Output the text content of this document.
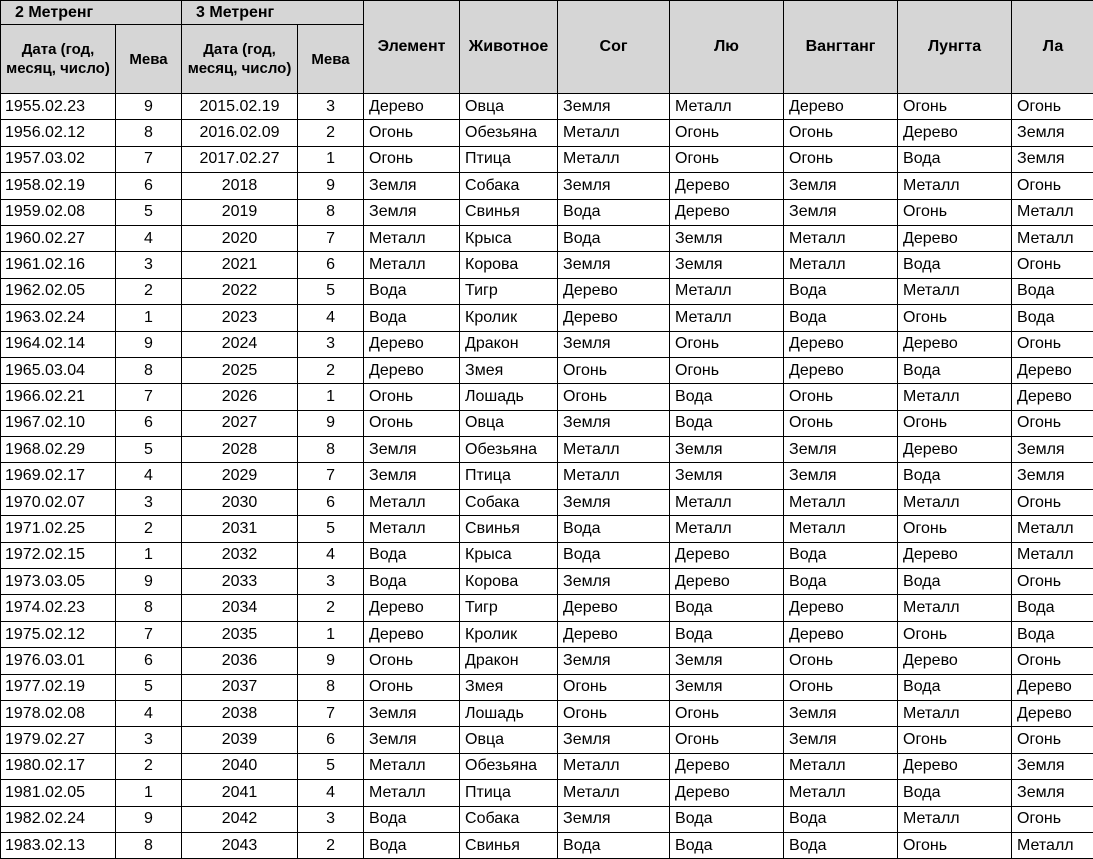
2 Метренг		3 Метренг		Элемент	Животное	Сог	Лю	Вангтанг	Лунгта	Ла
Дата (год, месяц, число)	Мева	Дата (год, месяц, число)	Мева							
1955.02.23	9	2015.02.19	3	Дерево	Овца	Земля	Металл	Дерево	Огонь	Огонь
1956.02.12	8	2016.02.09	2	Огонь	Обезьяна	Металл	Огонь	Огонь	Дерево	Земля
1957.03.02	7	2017.02.27	1	Огонь	Птица	Металл	Огонь	Огонь	Вода	Земля
1958.02.19	6	2018	9	Земля	Собака	Земля	Дерево	Земля	Металл	Огонь
1959.02.08	5	2019	8	Земля	Свинья	Вода	Дерево	Земля	Огонь	Металл
1960.02.27	4	2020	7	Металл	Крыса	Вода	Земля	Металл	Дерево	Металл
1961.02.16	3	2021	6	Металл	Корова	Земля	Земля	Металл	Вода	Огонь
1962.02.05	2	2022	5	Вода	Тигр	Дерево	Металл	Вода	Металл	Вода
1963.02.24	1	2023	4	Вода	Кролик	Дерево	Металл	Вода	Огонь	Вода
1964.02.14	9	2024	3	Дерево	Дракон	Земля	Огонь	Дерево	Дерево	Огонь
1965.03.04	8	2025	2	Дерево	Змея	Огонь	Огонь	Дерево	Вода	Дерево
1966.02.21	7	2026	1	Огонь	Лошадь	Огонь	Вода	Огонь	Металл	Дерево
1967.02.10	6	2027	9	Огонь	Овца	Земля	Вода	Огонь	Огонь	Огонь
1968.02.29	5	2028	8	Земля	Обезьяна	Металл	Земля	Земля	Дерево	Земля
1969.02.17	4	2029	7	Земля	Птица	Металл	Земля	Земля	Вода	Земля
1970.02.07	3	2030	6	Металл	Собака	Земля	Металл	Металл	Металл	Огонь
1971.02.25	2	2031	5	Металл	Свинья	Вода	Металл	Металл	Огонь	Металл
1972.02.15	1	2032	4	Вода	Крыса	Вода	Дерево	Вода	Дерево	Металл
1973.03.05	9	2033	3	Вода	Корова	Земля	Дерево	Вода	Вода	Огонь
1974.02.23	8	2034	2	Дерево	Тигр	Дерево	Вода	Дерево	Металл	Вода
1975.02.12	7	2035	1	Дерево	Кролик	Дерево	Вода	Дерево	Огонь	Вода
1976.03.01	6	2036	9	Огонь	Дракон	Земля	Земля	Огонь	Дерево	Огонь
1977.02.19	5	2037	8	Огонь	Змея	Огонь	Земля	Огонь	Вода	Дерево
1978.02.08	4	2038	7	Земля	Лошадь	Огонь	Огонь	Земля	Металл	Дерево
1979.02.27	3	2039	6	Земля	Овца	Земля	Огонь	Земля	Огонь	Огонь
1980.02.17	2	2040	5	Металл	Обезьяна	Металл	Дерево	Металл	Дерево	Земля
1981.02.05	1	2041	4	Металл	Птица	Металл	Дерево	Металл	Вода	Земля
1982.02.24	9	2042	3	Вода	Собака	Земля	Вода	Вода	Металл	Огонь
1983.02.13	8	2043	2	Вода	Свинья	Вода	Вода	Вода	Огонь	Металл
